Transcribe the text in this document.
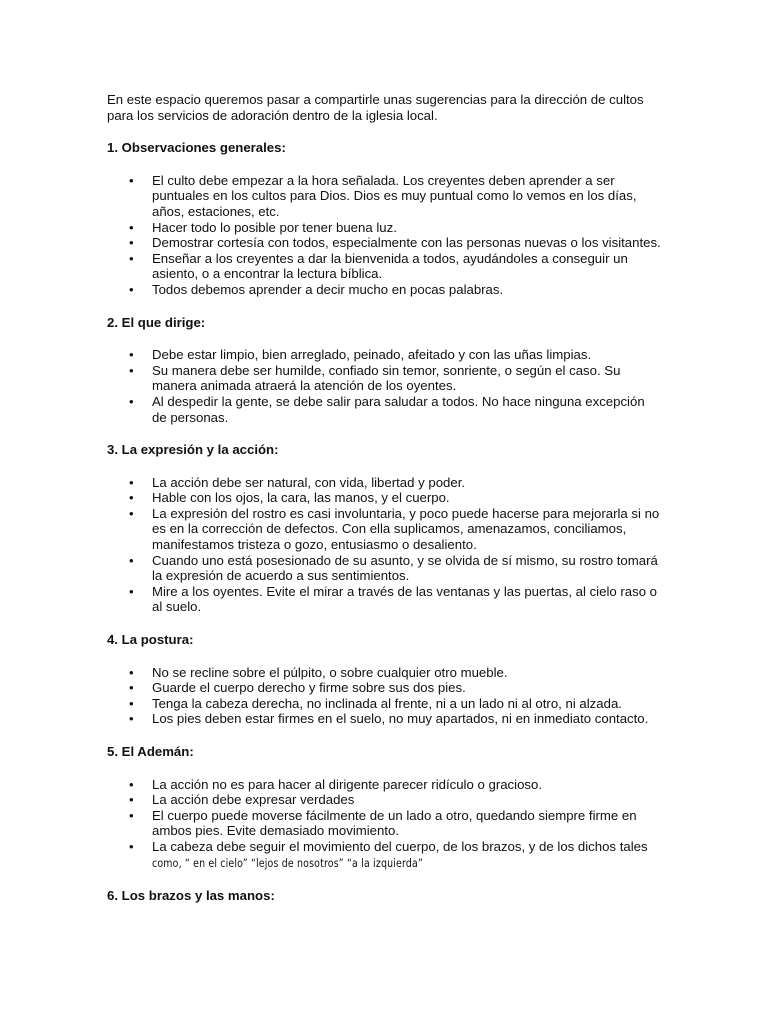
En este espacio queremos pasar a compartirle unas sugerencias para la dirección de cultos para los servicios de adoración dentro de la iglesia local.

1. Observaciones generales:

• El culto debe empezar a la hora señalada. Los creyentes deben aprender a ser puntuales en los cultos para Dios. Dios es muy puntual como lo vemos en los días, años, estaciones, etc.
• Hacer todo lo posible por tener buena luz.
• Demostrar cortesía con todos, especialmente con las personas nuevas o los visitantes.
• Enseñar a los creyentes a dar la bienvenida a todos, ayudándoles a conseguir un asiento, o a encontrar la lectura bíblica.
• Todos debemos aprender a decir mucho en pocas palabras.

2. El que dirige:

• Debe estar limpio, bien arreglado, peinado, afeitado y con las uñas limpias.
• Su manera debe ser humilde, confiado sin temor, sonriente, o según el caso. Su manera animada atraerá la atención de los oyentes.
• Al despedir la gente, se debe salir para saludar a todos. No hace ninguna excepción de personas.

3. La expresión y la acción:

• La acción debe ser natural, con vida, libertad y poder.
• Hable con los ojos, la cara, las manos, y el cuerpo.
• La expresión del rostro es casi involuntaria, y poco puede hacerse para mejorarla si no es en la corrección de defectos. Con ella suplicamos, amenazamos, conciliamos, manifestamos tristeza o gozo, entusiasmo o desaliento.
• Cuando uno está posesionado de su asunto, y se olvida de sí mismo, su rostro tomará la expresión de acuerdo a sus sentimientos.
• Mire a los oyentes. Evite el mirar a través de las ventanas y las puertas, al cielo raso o al suelo.

4. La postura:

• No se recline sobre el púlpito, o sobre cualquier otro mueble.
• Guarde el cuerpo derecho y firme sobre sus dos pies.
• Tenga la cabeza derecha, no inclinada al frente, ni a un lado ni al otro, ni alzada.
• Los pies deben estar firmes en el suelo, no muy apartados, ni en inmediato contacto.

5. El Ademán:

• La acción no es para hacer al dirigente parecer ridículo o gracioso.
• La acción debe expresar verdades
• El cuerpo puede moverse fácilmente de un lado a otro, quedando siempre firme en ambos pies. Evite demasiado movimiento.
• La cabeza debe seguir el movimiento del cuerpo, de los brazos, y de los dichos tales
como, “ en el cielo” “lejos de nosotros” “a la izquierda”

6. Los brazos y las manos:
